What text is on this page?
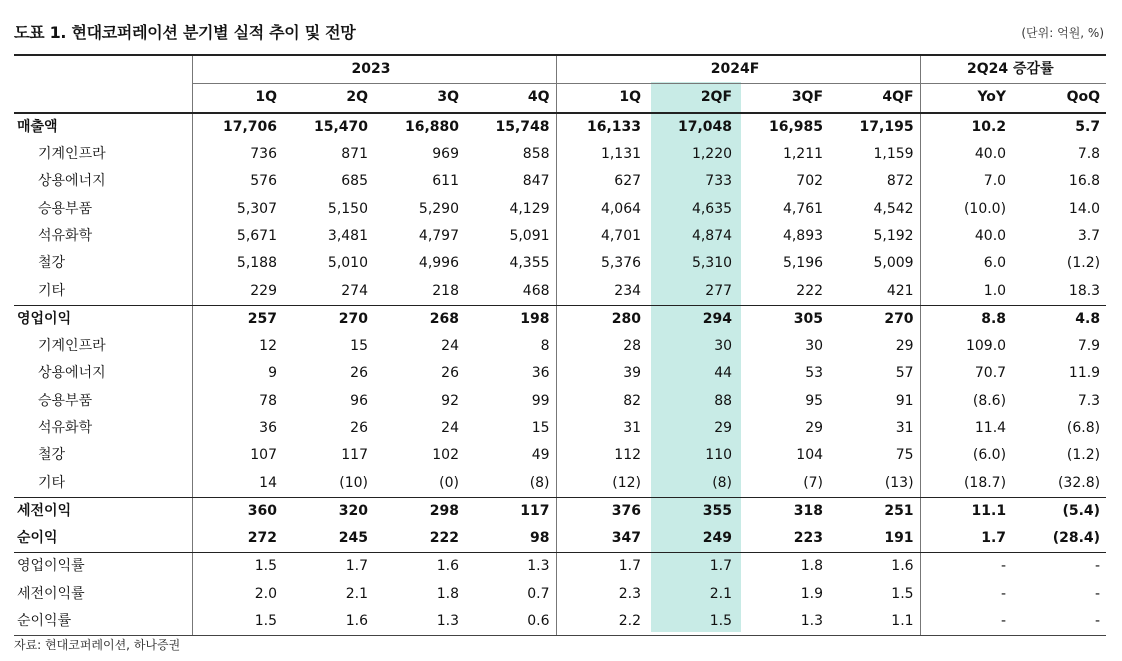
도표 1. 현대코퍼레이션 분기별 실적 추이 및 전망	(단위: 억원, %)
	2023				2024F				2Q24 증감률	
	1Q	2Q	3Q	4Q	1Q	2QF	3QF	4QF	YoY	QoQ
매출액	17,706	15,470	16,880	15,748	16,133	17,048	16,985	17,195	10.2	5.7
기계인프라	736	871	969	858	1,131	1,220	1,211	1,159	40.0	7.8
상용에너지	576	685	611	847	627	733	702	872	7.0	16.8
승용부품	5,307	5,150	5,290	4,129	4,064	4,635	4,761	4,542	(10.0)	14.0
석유화학	5,671	3,481	4,797	5,091	4,701	4,874	4,893	5,192	40.0	3.7
철강	5,188	5,010	4,996	4,355	5,376	5,310	5,196	5,009	6.0	(1.2)
기타	229	274	218	468	234	277	222	421	1.0	18.3
영업이익	257	270	268	198	280	294	305	270	8.8	4.8
기계인프라	12	15	24	8	28	30	30	29	109.0	7.9
상용에너지	9	26	26	36	39	44	53	57	70.7	11.9
승용부품	78	96	92	99	82	88	95	91	(8.6)	7.3
석유화학	36	26	24	15	31	29	29	31	11.4	(6.8)
철강	107	117	102	49	112	110	104	75	(6.0)	(1.2)
기타	14	(10)	(0)	(8)	(12)	(8)	(7)	(13)	(18.7)	(32.8)
세전이익	360	320	298	117	376	355	318	251	11.1	(5.4)
순이익	272	245	222	98	347	249	223	191	1.7	(28.4)
영업이익률	1.5	1.7	1.6	1.3	1.7	1.7	1.8	1.6	-	-
세전이익률	2.0	2.1	1.8	0.7	2.3	2.1	1.9	1.5	-	-
순이익률	1.5	1.6	1.3	0.6	2.2	1.5	1.3	1.1	-	-
자료: 현대코퍼레이션, 하나증권
